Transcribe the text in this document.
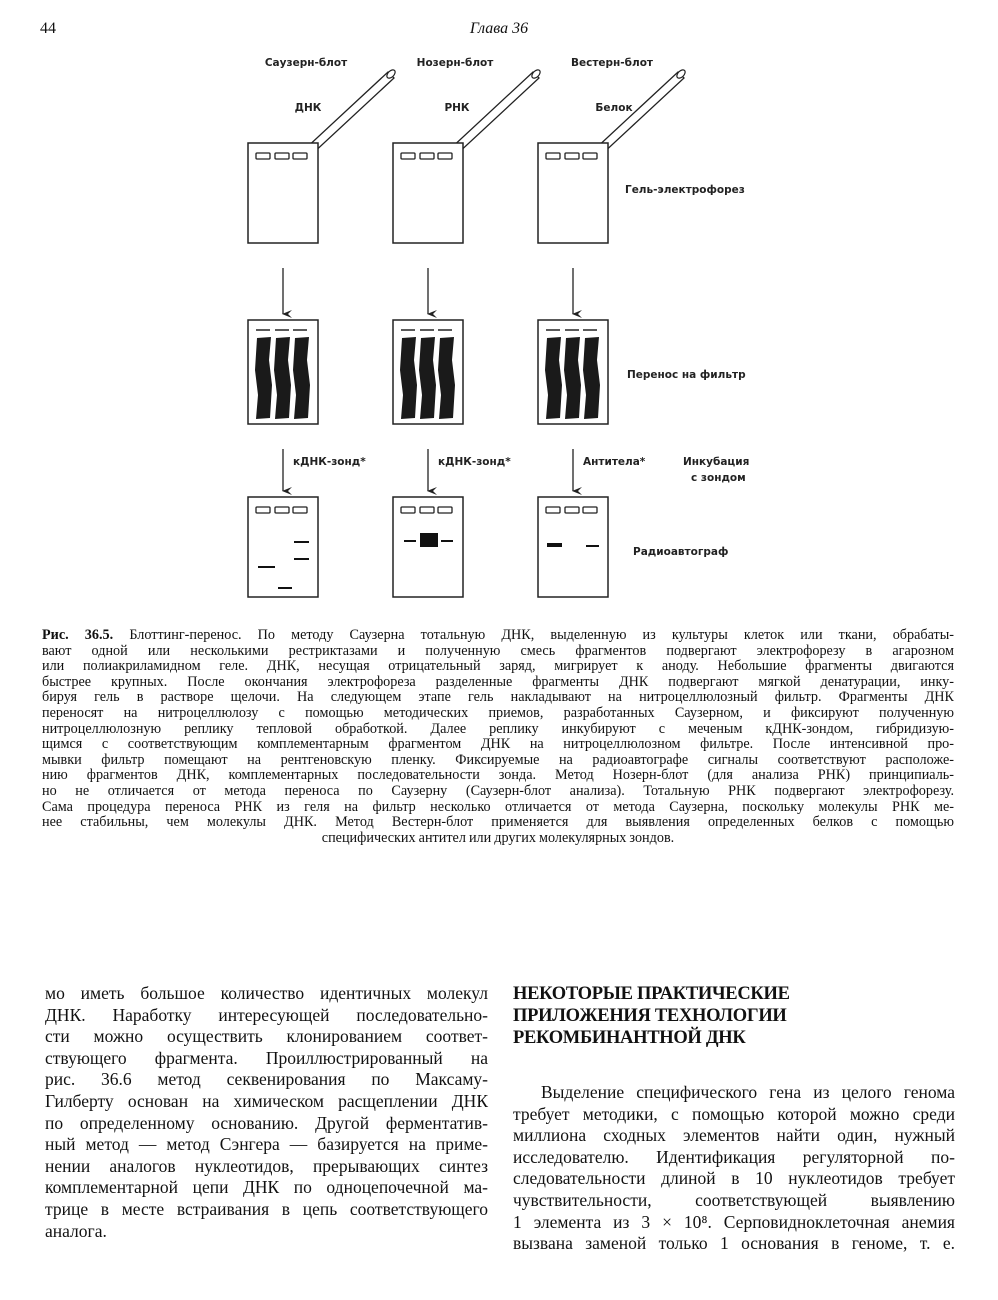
44	Глава 36
Саузерн-блот
ДНК
кДНК-зонд*
Нозерн-блот
РНК
кДНК-зонд*
Вестерн-блот
Белок
Антитела*
Гель-электрофорез
Перенос на фильтр
Инкубация
с зондом
Радиоавтограф
Рис. 36.5. Блоттинг-перенос. По методу Саузерна тотальную ДНК, выделенную из культуры клеток или ткани, обрабаты-
вают одной или несколькими рестриктазами и полученную смесь фрагментов подвергают электрофорезу в агарозном
или полиакриламидном геле. ДНК, несущая отрицательный заряд, мигрирует к аноду. Небольшие фрагменты двигаются
быстрее крупных. После окончания электрофореза разделенные фрагменты ДНК подвергают мягкой денатурации, инку-
бируя гель в растворе щелочи. На следующем этапе гель накладывают на нитроцеллюлозный фильтр. Фрагменты ДНК
переносят на нитроцеллюлозу с помощью методических приемов, разработанных Саузерном, и фиксируют полученную
нитроцеллюлозную реплику тепловой обработкой. Далее реплику инкубируют с меченым кДНК-зондом, гибридизую-
щимся с соответствующим комплементарным фрагментом ДНК на нитроцеллюлозном фильтре. После интенсивной про-
мывки фильтр помещают на рентгеновскую пленку. Фиксируемые на радиоавтографе сигналы соответствуют расположе-
нию фрагментов ДНК, комплементарных последовательности зонда. Метод Нозерн-блот (для анализа РНК) принципиаль-
но не отличается от метода переноса по Саузерну (Саузерн-блот анализа). Тотальную РНК подвергают электрофорезу.
Сама процедура переноса РНК из геля на фильтр несколько отличается от метода Саузерна, поскольку молекулы РНК ме-
нее стабильны, чем молекулы ДНК. Метод Вестерн-блот применяется для выявления определенных белков с помощью
специфических антител или других молекулярных зондов.
мо иметь большое количество идентичных молекул
ДНК. Наработку интересующей последовательно-
сти можно осуществить клонированием соответ-
ствующего фрагмента. Проиллюстрированный на
рис. 36.6 метод секвенирования по Максаму-
Гилберту основан на химическом расщеплении ДНК
по определенному основанию. Другой ферментатив-
ный метод — метод Сэнгера — базируется на приме-
нении аналогов нуклеотидов, прерывающих синтез
комплементарной цепи ДНК по одноцепочечной ма-
трице в месте встраивания в цепь соответствующего
аналога.
НЕКОТОРЫЕ ПРАКТИЧЕСКИЕ
ПРИЛОЖЕНИЯ ТЕХНОЛОГИИ
РЕКОМБИНАНТНОЙ ДНК
Выделение специфического гена из целого генома
требует методики, с помощью которой можно среди
миллиона сходных элементов найти один, нужный
исследователю. Идентификация регуляторной по-
следовательности длиной в 10 нуклеотидов требует
чувствительности, соответствующей выявлению
1 элемента из 3 × 10⁸. Серповидноклеточная анемия
вызвана заменой только 1 основания в геноме, т. е.
